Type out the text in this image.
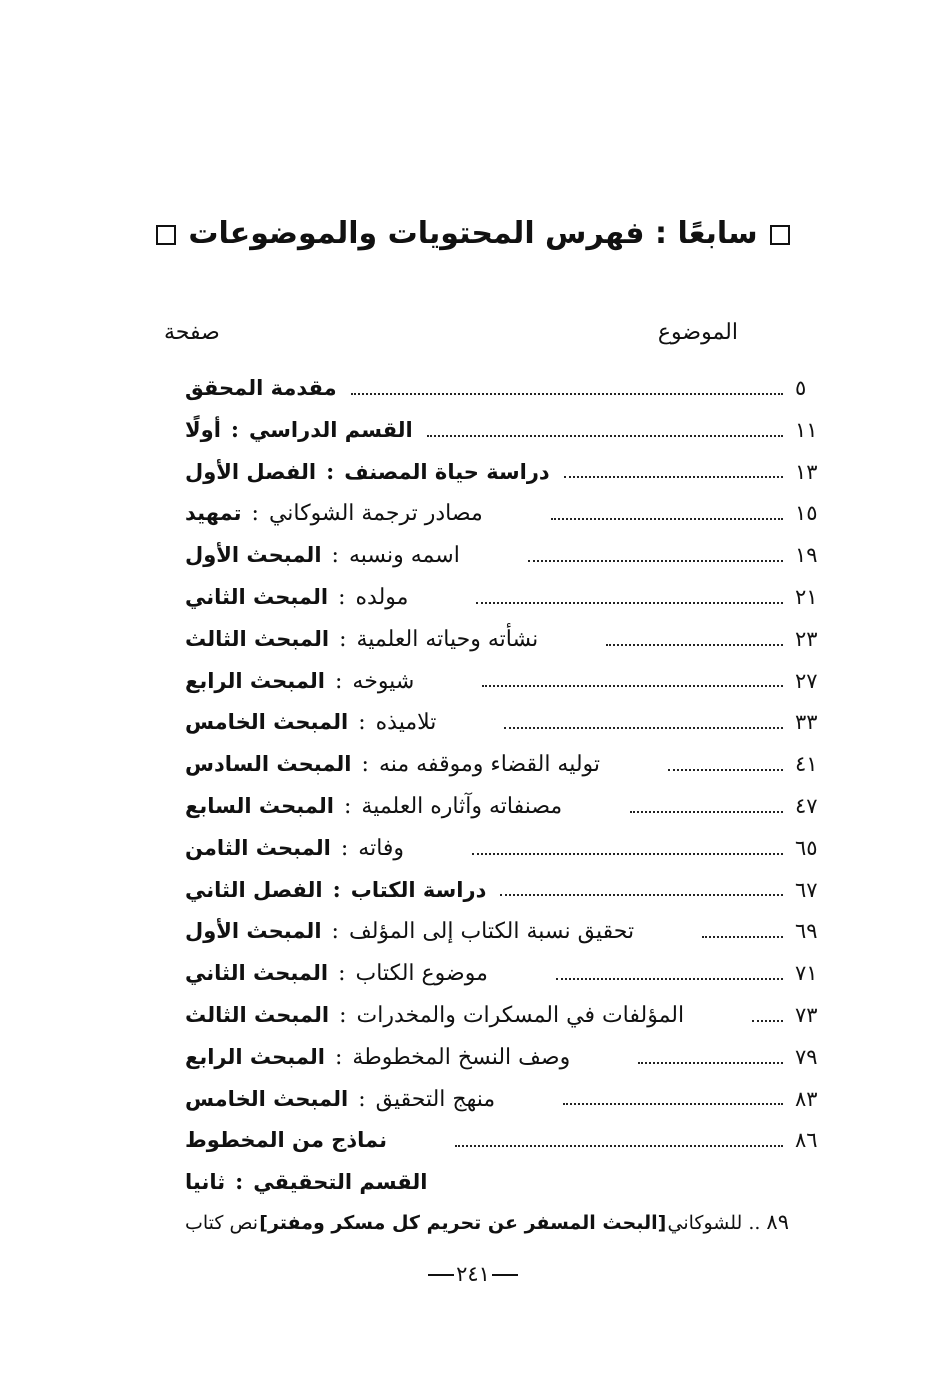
سابعًا : فهرس المحتويات والموضوعات
الموضوع
صفحة
مقدمة المحقق	٥
أولًا : القسم الدراسي	١١
الفصل الأول : دراسة حياة المصنف	١٣
تمهيد : مصادر ترجمة الشوكاني	١٥
المبحث الأول : اسمه ونسبه	١٩
المبحث الثاني : مولده	٢١
المبحث الثالث : نشأته وحياته العلمية	٢٣
المبحث الرابع : شيوخه	٢٧
المبحث الخامس : تلاميذه	٣٣
المبحث السادس : توليه القضاء وموقفه منه	٤١
المبحث السابع : مصنفاته وآثاره العلمية	٤٧
المبحث الثامن : وفاته	٦٥
الفصل الثاني : دراسة الكتاب	٦٧
المبحث الأول : تحقيق نسبة الكتاب إلى المؤلف	٦٩
المبحث الثاني : موضوع الكتاب	٧١
المبحث الثالث : المؤلفات في المسكرات والمخدرات	٧٣
المبحث الرابع : وصف النسخ المخطوطة	٧٩
المبحث الخامس : منهج التحقيق	٨٣
نماذج من المخطوط	٨٦
ثانيا : القسم التحقيقي
نص كتاب [البحث المسفر عن تحريم كل مسكر ومفتر] للشوكاني .. ٨٩
٢٤١
